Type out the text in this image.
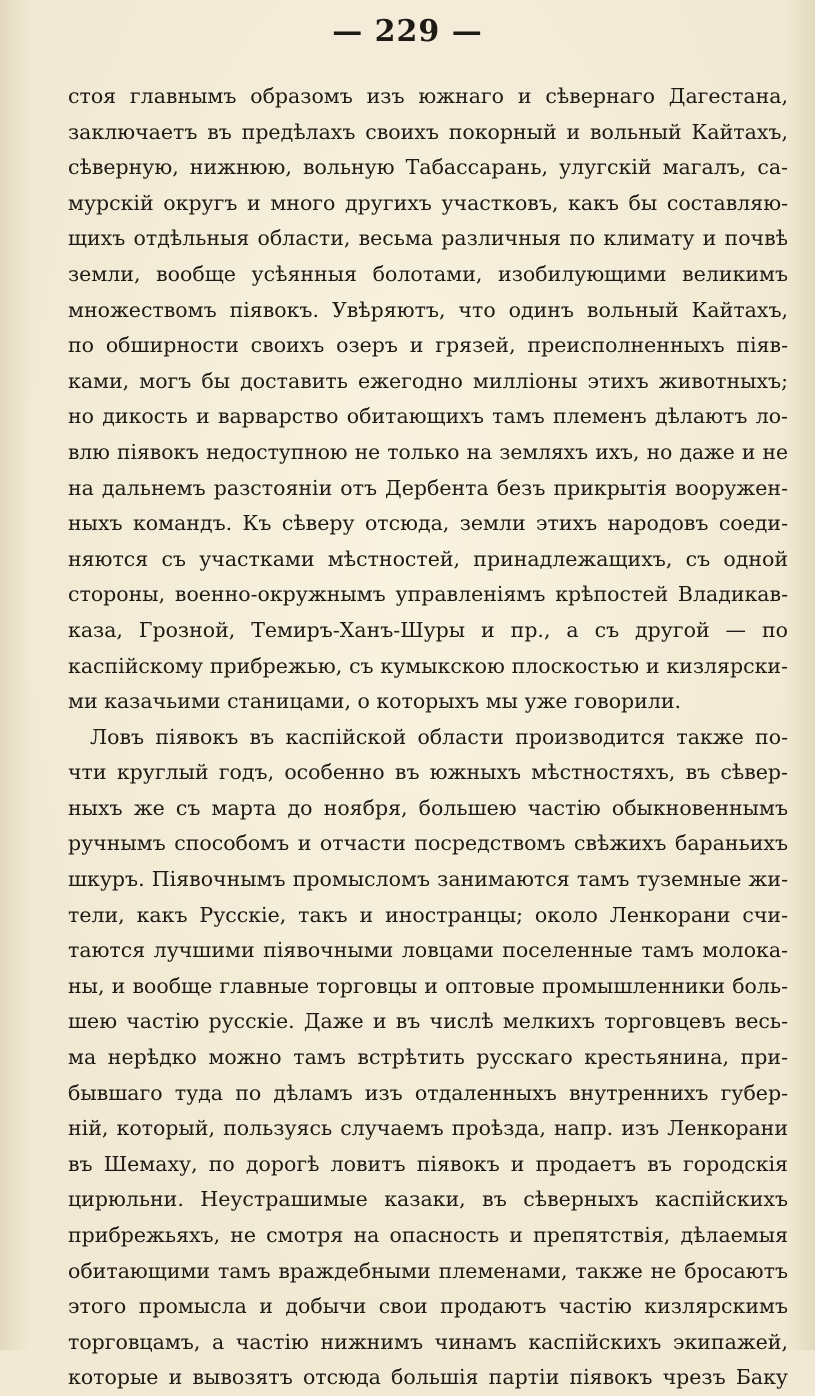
— 229 —
стоя главнымъ образомъ изъ южнаго и сѣвернаго Дагестана,
заключаетъ въ предѣлахъ своихъ покорный и вольный Кайтахъ,
сѣверную, нижнюю, вольную Табассарань, улугскій магалъ, са-
мурскій округъ и много другихъ участковъ, какъ бы составляю-
щихъ отдѣльныя области, весьма различныя по климату и почвѣ
земли, вообще усѣянныя болотами, изобилующими великимъ
множествомъ піявокъ. Увѣряютъ, что одинъ вольный Кайтахъ,
по обширности своихъ озеръ и грязей, преисполненныхъ піяв-
ками, могъ бы доставить ежегодно милліоны этихъ животныхъ;
но дикость и варварство обитающихъ тамъ племенъ дѣлаютъ ло-
влю піявокъ недоступною не только на земляхъ ихъ, но даже и не
на дальнемъ разстояніи отъ Дербента безъ прикрытія вооружен-
ныхъ командъ. Къ сѣверу отсюда, земли этихъ народовъ соеди-
няются съ участками мѣстностей, принадлежащихъ, съ одной
стороны, военно-окружнымъ управленіямъ крѣпостей Владикав-
каза, Грозной, Темиръ-Ханъ-Шуры и пр., а съ другой — по
каспійскому прибрежью, съ кумыкскою плоскостью и кизлярски-
ми казачьими станицами, о которыхъ мы уже говорили.
Ловъ піявокъ въ каспійской области производится также по-
чти круглый годъ, особенно въ южныхъ мѣстностяхъ, въ сѣвер-
ныхъ же съ марта до ноября, большею частію обыкновеннымъ
ручнымъ способомъ и отчасти посредствомъ свѣжихъ бараньихъ
шкуръ. Піявочнымъ промысломъ занимаются тамъ туземные жи-
тели, какъ Русскіе, такъ и иностранцы; около Ленкорани счи-
таются лучшими піявочными ловцами поселенные тамъ молока-
ны, и вообще главные торговцы и оптовые промышленники боль-
шею частію русскіе. Даже и въ числѣ мелкихъ торговцевъ весь-
ма нерѣдко можно тамъ встрѣтить русскаго крестьянина, при-
бывшаго туда по дѣламъ изъ отдаленныхъ внутреннихъ губер-
ній, который, пользуясь случаемъ проѣзда, напр. изъ Ленкорани
въ Шемаху, по дорогѣ ловитъ піявокъ и продаетъ въ городскія
цирюльни. Неустрашимые казаки, въ сѣверныхъ каспійскихъ
прибрежьяхъ, не смотря на опасность и препятствія, дѣлаемыя
обитающими тамъ враждебными племенами, также не бросаютъ
этого промысла и добычи свои продаютъ частію кизлярскимъ
торговцамъ, а частію нижнимъ чинамъ каспійскихъ экипажей,
которые и вывозятъ отсюда большія партіи піявокъ чрезъ Баку
